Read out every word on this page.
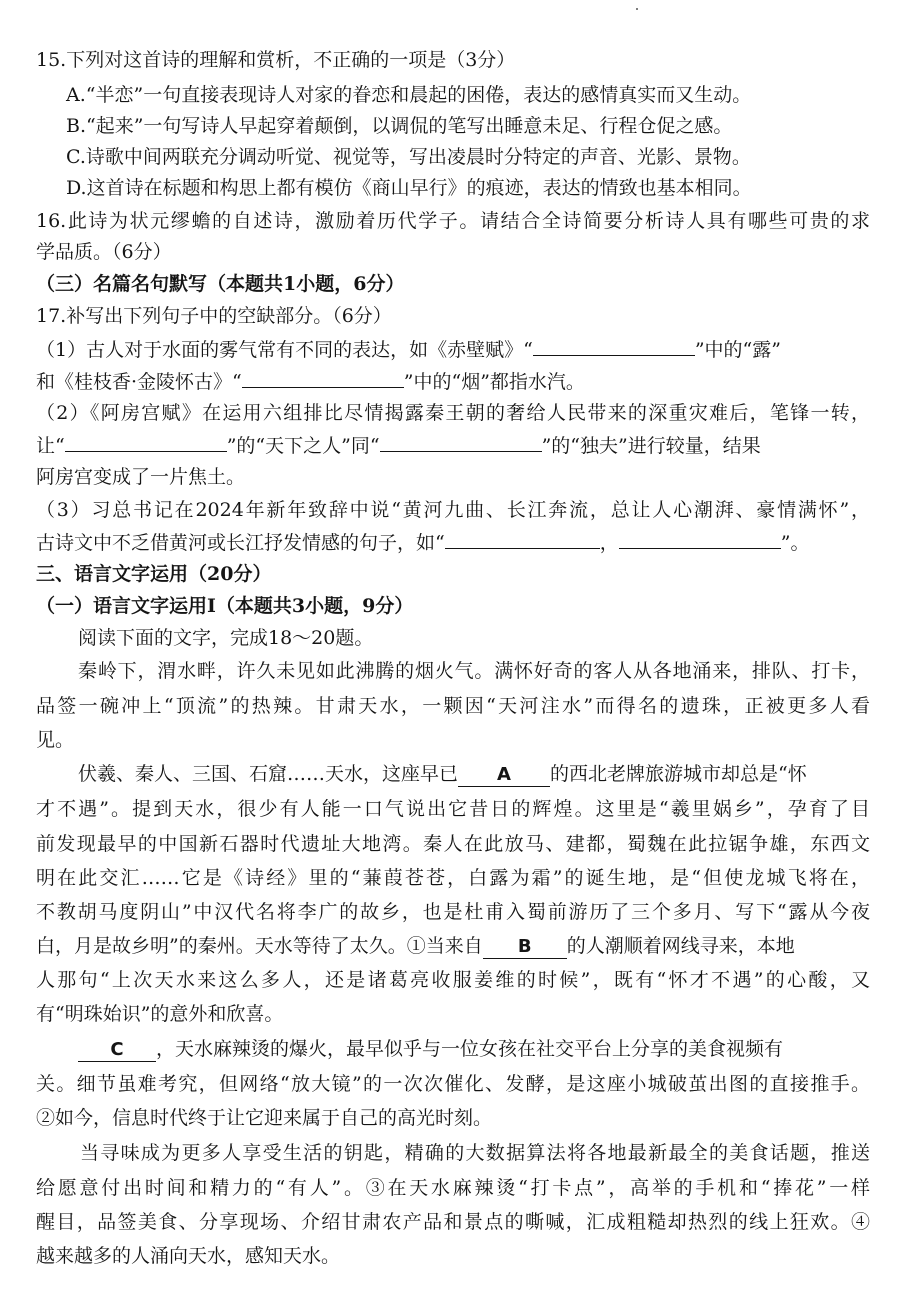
15.下列对这首诗的理解和赏析，不正确的一项是（3分）
A.“半恋”一句直接表现诗人对家的眷恋和晨起的困倦，表达的感情真实而又生动。
B.“起来”一句写诗人早起穿着颠倒，以调侃的笔写出睡意未足、行程仓促之感。
C.诗歌中间两联充分调动听觉、视觉等，写出凌晨时分特定的声音、光影、景物。
D.这首诗在标题和构思上都有模仿《商山早行》的痕迹，表达的情致也基本相同。
16.此诗为状元缪蟾的自述诗，激励着历代学子。请结合全诗简要分析诗人具有哪些可贵的求
学品质。（6分）
（三）名篇名句默写（本题共1小题，6分）
17.补写出下列句子中的空缺部分。（6分）
（1）古人对于水面的雾气常有不同的表达，如《赤壁赋》“	”中的“露”
和《桂枝香·金陵怀古》“	”中的“烟”都指水汽。
（2）《阿房宫赋》在运用六组排比尽情揭露秦王朝的奢给人民带来的深重灾难后，笔锋一转，
让“	”的“天下之人”同“	”的“独夫”进行较量，结果
阿房宫变成了一片焦土。
（3）习总书记在2024年新年致辞中说“黄河九曲、长江奔流，总让人心潮湃、豪情满怀”，
古诗文中不乏借黄河或长江抒发情感的句子，如“	，	”。
三、语言文字运用（20分）
（一）语言文字运用Ⅰ（本题共3小题，9分）
阅读下面的文字，完成18～20题。
秦岭下，渭水畔，许久未见如此沸腾的烟火气。满怀好奇的客人从各地涌来，排队、打卡，
品签一碗冲上“顶流”的热辣。甘肃天水，一颗因“天河注水”而得名的遗珠，正被更多人看
见。
伏羲、秦人、三国、石窟……天水，这座早已 A 的西北老牌旅游城市却总是“怀
才不遇”。提到天水，很少有人能一口气说出它昔日的辉煌。这里是“羲里娲乡”，孕育了目
前发现最早的中国新石器时代遗址大地湾。秦人在此放马、建都，蜀魏在此拉锯争雄，东西文
明在此交汇……它是《诗经》里的“蒹葭苍苍，白露为霜”的诞生地，是“但使龙城飞将在，
不教胡马度阴山”中汉代名将李广的故乡，也是杜甫入蜀前游历了三个多月、写下“露从今夜
白，月是故乡明”的秦州。天水等待了太久。①当来自 B 的人潮顺着网线寻来，本地
人那句“上次天水来这么多人，还是诸葛亮收服姜维的时候”，既有“怀才不遇”的心酸，又
有“明珠始识”的意外和欣喜。
C ，天水麻辣烫的爆火，最早似乎与一位女孩在社交平台上分享的美食视频有
关。细节虽难考究，但网络“放大镜”的一次次催化、发酵，是这座小城破茧出图的直接推手。
②如今，信息时代终于让它迎来属于自己的高光时刻。
当寻味成为更多人享受生活的钥匙，精确的大数据算法将各地最新最全的美食话题，推送
给愿意付出时间和精力的“有人”。③在天水麻辣烫“打卡点”，高举的手机和“捧花”一样
醒目，品签美食、分享现场、介绍甘肃农产品和景点的嘶喊，汇成粗糙却热烈的线上狂欢。④
越来越多的人涌向天水，感知天水。
